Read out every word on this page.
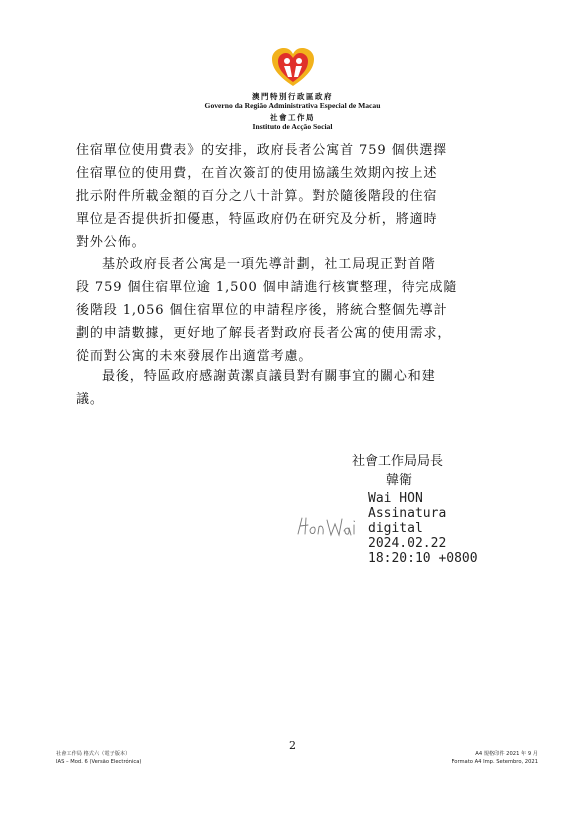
澳門特別行政區政府
Governo da Região Administrativa Especial de Macau
社會工作局
Instituto de Acção Social
住宿單位使用費表》的安排，政府長者公寓首 759 個供選擇
住宿單位的使用費，在首次簽訂的使用協議生效期內按上述
批示附件所載金額的百分之八十計算。對於隨後階段的住宿
單位是否提供折扣優惠，特區政府仍在研究及分析，將適時
對外公佈。
基於政府長者公寓是一項先導計劃，社工局現正對首階
段 759 個住宿單位逾 1,500 個申請進行核實整理，待完成隨
後階段 1,056 個住宿單位的申請程序後，將統合整個先導計
劃的申請數據，更好地了解長者對政府長者公寓的使用需求，
從而對公寓的未來發展作出適當考慮。
最後，特區政府感謝黃潔貞議員對有關事宜的關心和建
議。
社會工作局局長
韓衛
Wai HON
Assinatura
digital
2024.02.22
18:20:10 +0800
2
社會工作局 格式六（電子版本）
IAS – Mod. 6 (Versão Electrónica)
A4 規格印件 2021 年 9 月
Formato A4 Imp. Setembro, 2021
